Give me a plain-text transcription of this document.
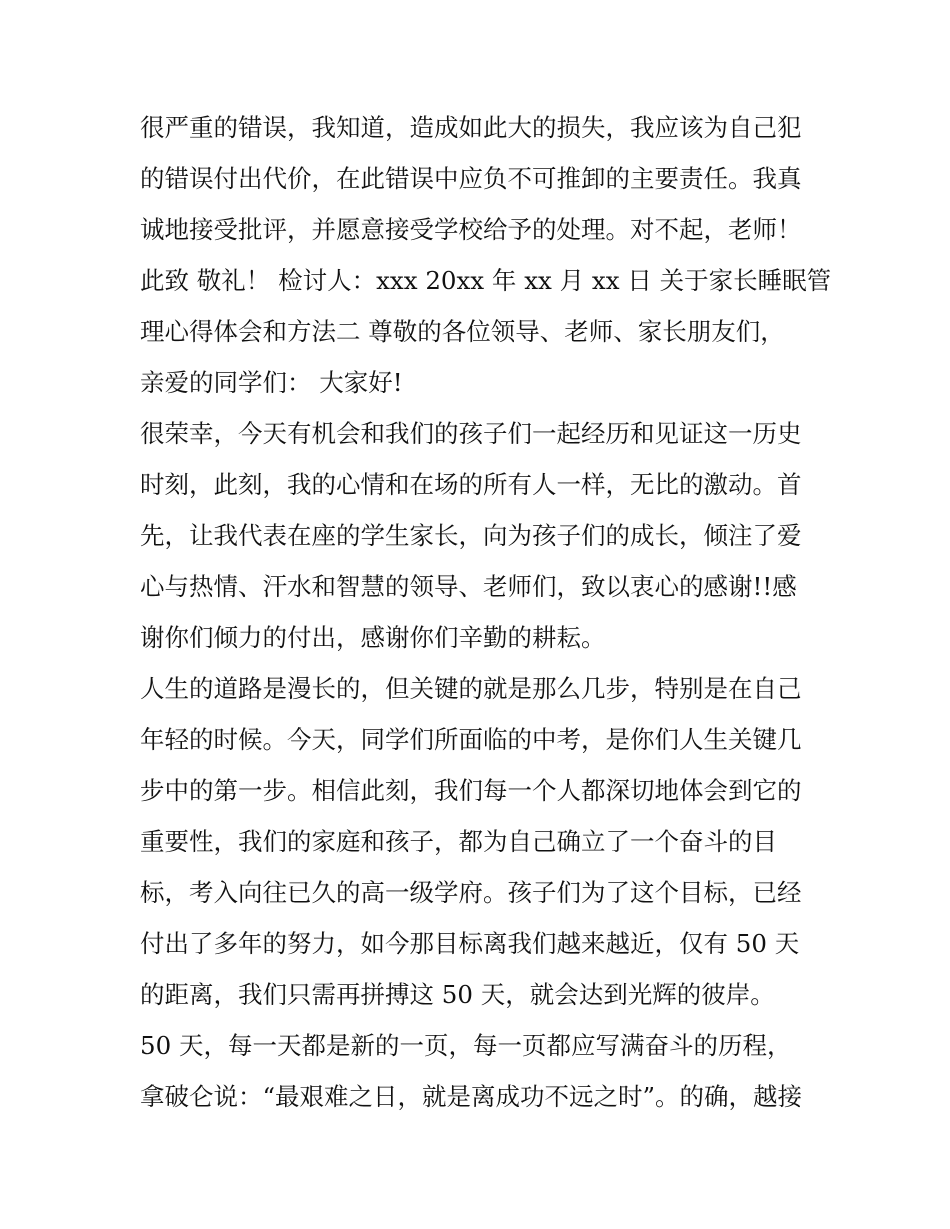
很严重的错误，我知道，造成如此大的损失，我应该为自己犯
的错误付出代价，在此错误中应负不可推卸的主要责任。我真
诚地接受批评，并愿意接受学校给予的处理。对不起，老师！
此致 敬礼！ 检讨人：xxx 20xx 年 xx 月 xx 日 关于家长睡眠管
理心得体会和方法二 尊敬的各位领导、老师、家长朋友们，
亲爱的同学们： 大家好!
很荣幸，今天有机会和我们的孩子们一起经历和见证这一历史
时刻，此刻，我的心情和在场的所有人一样，无比的激动。首
先，让我代表在座的学生家长，向为孩子们的成长，倾注了爱
心与热情、汗水和智慧的领导、老师们，致以衷心的感谢!!感
谢你们倾力的付出，感谢你们辛勤的耕耘。
人生的道路是漫长的，但关键的就是那么几步，特别是在自己
年轻的时候。今天，同学们所面临的中考，是你们人生关键几
步中的第一步。相信此刻，我们每一个人都深切地体会到它的
重要性，我们的家庭和孩子，都为自己确立了一个奋斗的目
标，考入向往已久的高一级学府。孩子们为了这个目标，已经
付出了多年的努力，如今那目标离我们越来越近，仅有 50 天
的距离，我们只需再拼搏这 50 天，就会达到光辉的彼岸。
50 天，每一天都是新的一页，每一页都应写满奋斗的历程，
拿破仑说：“最艰难之日，就是离成功不远之时”。的确，越接
